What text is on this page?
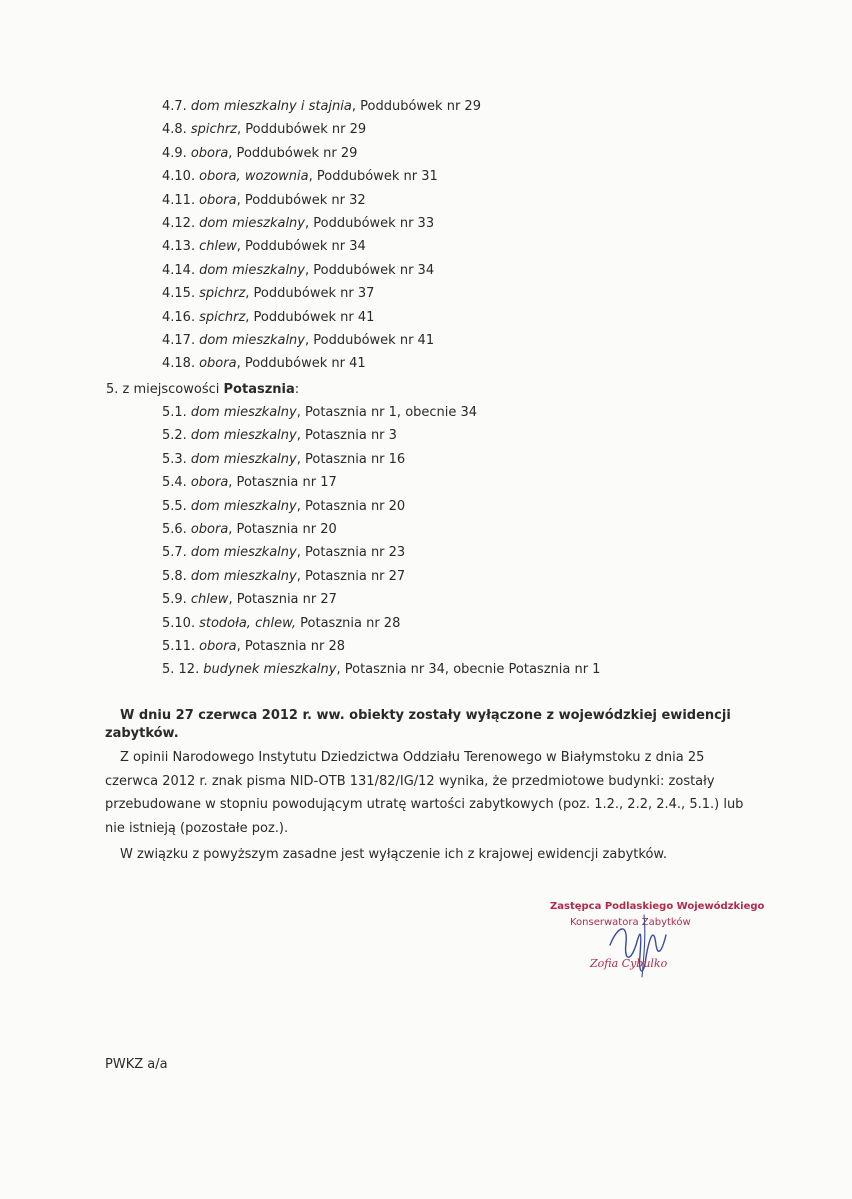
4.7. dom mieszkalny i stajnia, Poddubówek nr 29
4.8. spichrz, Poddubówek nr 29
4.9. obora, Poddubówek nr 29
4.10. obora, wozownia, Poddubówek nr 31
4.11. obora, Poddubówek nr 32
4.12. dom mieszkalny, Poddubówek nr 33
4.13. chlew, Poddubówek nr 34
4.14. dom mieszkalny, Poddubówek nr 34
4.15. spichrz, Poddubówek nr 37
4.16. spichrz, Poddubówek nr 41
4.17. dom mieszkalny, Poddubówek nr 41
4.18. obora, Poddubówek nr 41
5. z miejscowości Potasznia:
5.1. dom mieszkalny, Potasznia nr 1, obecnie 34
5.2. dom mieszkalny, Potasznia nr 3
5.3. dom mieszkalny, Potasznia nr 16
5.4. obora, Potasznia nr 17
5.5. dom mieszkalny, Potasznia nr 20
5.6. obora, Potasznia nr 20
5.7. dom mieszkalny, Potasznia nr 23
5.8. dom mieszkalny, Potasznia nr 27
5.9. chlew, Potasznia nr 27
5.10. stodoła, chlew, Potasznia nr 28
5.11. obora, Potasznia nr 28
5. 12. budynek mieszkalny, Potasznia nr 34, obecnie Potasznia nr 1
W dniu 27 czerwca 2012 r. ww. obiekty zostały wyłączone z wojewódzkiej ewidencji
zabytków.
Z opinii Narodowego Instytutu Dziedzictwa Oddziału Terenowego w Białymstoku z dnia 25
czerwca 2012 r. znak pisma NID-OTB 131/82/IG/12 wynika, że przedmiotowe budynki: zostały
przebudowane w stopniu powodującym utratę wartości zabytkowych (poz. 1.2., 2.2, 2.4., 5.1.) lub
nie istnieją (pozostałe poz.).
W związku z powyższym zasadne jest wyłączenie ich z krajowej ewidencji zabytków.
Zastępca Podlaskiego Wojewódzkiego
Konserwatora Zabytków
Zofia Cybulko
PWKZ a/a
